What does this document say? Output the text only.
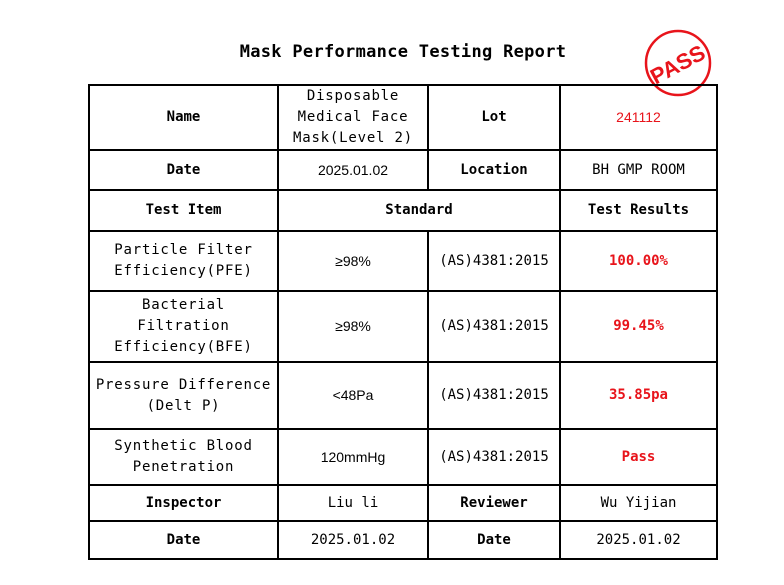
Mask Performance Testing Report	PASS
Name	Disposable Medical Face Mask(Level 2)	Lot	241112
Date	2025.01.02	Location	BH GMP ROOM
Test Item	Standard		Test Results
Particle Filter Efficiency(PFE)	≥98%	(AS)4381:2015	100.00%
Bacterial Filtration Efficiency(BFE)	≥98%	(AS)4381:2015	99.45%
Pressure Difference (Delt P)	<48Pa	(AS)4381:2015	35.85pa
Synthetic Blood Penetration	120mmHg	(AS)4381:2015	Pass
Inspector	Liu li	Reviewer	Wu Yijian
Date	2025.01.02	Date	2025.01.02
